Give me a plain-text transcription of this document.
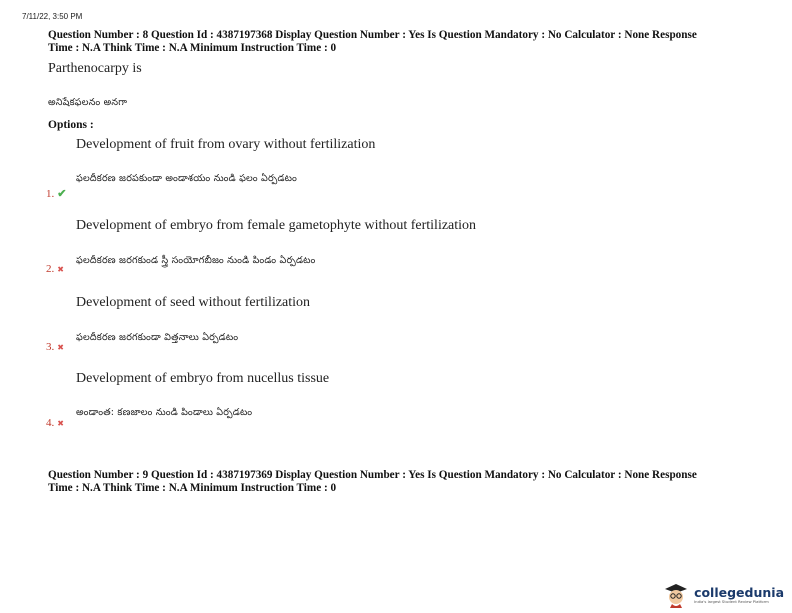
7/11/22, 3:50 PM
Question Number : 8 Question Id : 4387197368 Display Question Number : Yes Is Question Mandatory : No Calculator : None Response
Time : N.A Think Time : N.A Minimum Instruction Time : 0
Parthenocarpy is
అనిషేకఫలనం అనగా
Options :
Development of fruit from ovary without fertilization
ఫలదీకరణ జరపకుండా అండాశయం నుండి ఫలం ఏర్పడటం
1. ✔
Development of embryo from female gametophyte without fertilization
ఫలదీకరణ జరగకుండ స్త్రీ సంయోగబీజం నుండి పిండం ఏర్పడటం
2. ✖
Development of seed without fertilization
ఫలదీకరణ జరగకుండా విత్తనాలు ఏర్పడటం
3. ✖
Development of embryo from nucellus tissue
అండాంత: కణజాలం నుండి పిండాలు ఏర్పడటం
4. ✖
Question Number : 9 Question Id : 4387197369 Display Question Number : Yes Is Question Mandatory : No Calculator : None Response
Time : N.A Think Time : N.A Minimum Instruction Time : 0
collegedunia
India's largest Student Review Platform
